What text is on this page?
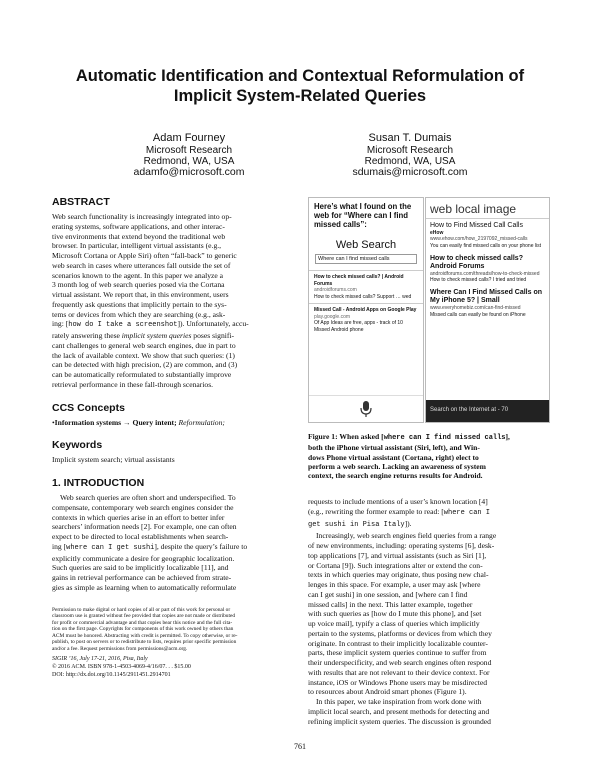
Automatic Identification and Contextual Reformulation of
Implicit System-Related Queries
Adam Fourney
Microsoft Research
Redmond, WA, USA
adamfo@microsoft.com
Susan T. Dumais
Microsoft Research
Redmond, WA, USA
sdumais@microsoft.com
ABSTRACT
Web search functionality is increasingly integrated into op-
erating systems, software applications, and other interac-
tive environments that extend beyond the traditional web
browser. In particular, intelligent virtual assistants (e.g.,
Microsoft Cortana or Apple Siri) often “fall-back” to generic
web search in cases where utterances fall outside the set of
scenarios known to the agent. In this paper we analyze a
3 month log of web search queries posed via the Cortana
virtual assistant. We report that, in this environment, users
frequently ask questions that implicitly pertain to the sys-
tems or devices from which they are searching (e.g., ask-
ing: [how do I take a screenshot]). Unfortunately, accu-
rately answering these implicit system queries poses signifi-
cant challenges to general web search engines, due in part to
the lack of available context. We show that such queries: (1)
can be detected with high precision, (2) are common, and (3)
can be automatically reformulated to substantially improve
retrieval performance in these fall-through scenarios.
CCS Concepts
•Information systems → Query intent; Reformulation;
Keywords
Implicit system search; virtual assistants
1. INTRODUCTION
Web search queries are often short and underspecified. To
compensate, contemporary web search engines consider the
contexts in which queries arise in an effort to better infer
searchers’ information needs [2]. For example, one can often
expect to be directed to local establishments when search-
ing [where can I get sushi], despite the query’s failure to
explicitly communicate a desire for geographic localization.
Such queries are said to be implicitly localizable [11], and
gains in retrieval performance can be achieved from strate-
gies as simple as learning when to automatically reformulate
Permission to make digital or hard copies of all or part of this work for personal or
classroom use is granted without fee provided that copies are not made or distributed
for profit or commercial advantage and that copies bear this notice and the full cita-
tion on the first page. Copyrights for components of this work owned by others than
ACM must be honored. Abstracting with credit is permitted. To copy otherwise, or re-
publish, to post on servers or to redistribute to lists, requires prior specific permission
and/or a fee. Request permissions from permissions@acm.org.
SIGIR ’16, July 17-21, 2016, Pisa, Italy
© 2016 ACM. ISBN 978-1-4503-4069-4/16/07. . . $15.00
DOI: http://dx.doi.org/10.1145/2911451.2914701
Here’s what I found on the web for “Where can I find missed calls”:
Web Search
Where can I find missed calls
How to check missed calls? | Android Forums
androidforums.com
How to check missed calls? Support … wed
Missed Call - Android Apps on Google Play
play.google.com
Of App Ideas are free, apps - track of 10 Missed Android phone
web local image
How to Find Missed Call Calls
eHow
www.ehow.com/how_2197092_missed-calls
You can easily find missed calls on your phone list
How to check missed calls? Android Forums
androidforums.com/threads/how-to-check-missed
How to check missed calls? I tried and tried
Where Can I Find Missed Calls on My iPhone 5? | Small
www.everyhomebiz.com/can-find-missed
Missed calls can easily be found on iPhone
Search on the Internet at - 70
Figure 1: When asked [where can I find missed calls],
both the iPhone virtual assistant (Siri, left), and Win-
dows Phone virtual assistant (Cortana, right) elect to
perform a web search. Lacking an awareness of system
context, the search engine returns results for Android.
requests to include mentions of a user’s known location [4]
(e.g., rewriting the former example to read: [where can I
get sushi in Pisa Italy]).
Increasingly, web search engines field queries from a range
of new environments, including: operating systems [6], desk-
top applications [7], and virtual assistants (such as Siri [1],
or Cortana [9]). Such integrations alter or extend the con-
texts in which queries may originate, thus posing new chal-
lenges in this space. For example, a user may ask [where
can I get sushi] in one session, and [where can I find
missed calls] in the next. This latter example, together
with such queries as [how do I mute this phone], and [set
up voice mail], typify a class of queries which implicitly
pertain to the systems, platforms or devices from which they
originate. In contrast to their implicitly localizable counter-
parts, these implicit system queries continue to suffer from
their underspecificity, and web search engines often respond
with results that are not relevant to their device context. For
instance, iOS or Windows Phone users may be misdirected
to resources about Android smart phones (Figure 1).
In this paper, we take inspiration from work done with
implicit local search, and present methods for detecting and
refining implicit system queries. The discussion is grounded
761
